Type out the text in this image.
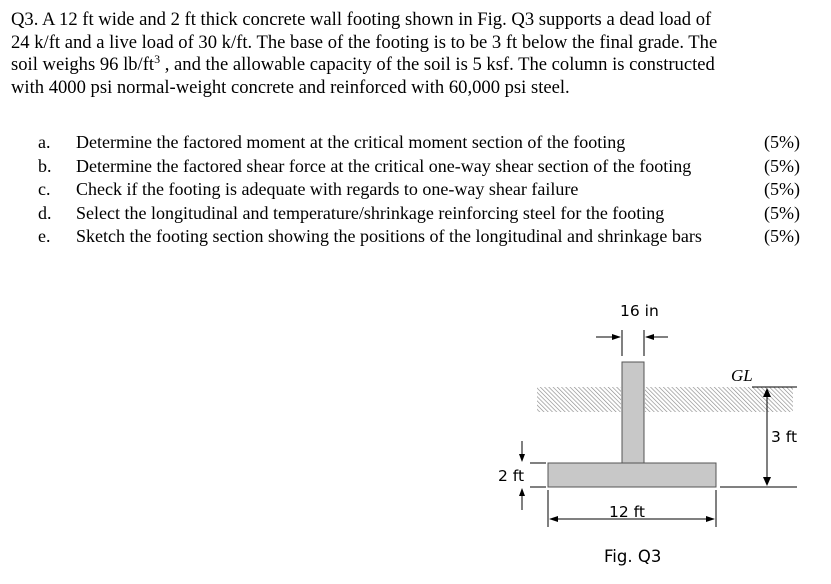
Q3. A 12 ft wide and 2 ft thick concrete wall footing shown in Fig. Q3 supports a dead load of
24 k/ft and a live load of 30 k/ft. The base of the footing is to be 3 ft below the final grade. The
soil weighs 96 $lb/ft^3$ , and the allowable capacity of the soil is 5 ksf. The column is constructed
with 4000 psi normal-weight concrete and reinforced with 60,000 psi steel.
a.	Determine the factored moment at the critical moment section of the footing	(5%)
b.	Determine the factored shear force at the critical one-way shear section of the footing	(5%)
c.	Check if the footing is adequate with regards to one-way shear failure	(5%)
d.	Select the longitudinal and temperature/shrinkage reinforcing steel for the footing	(5%)
e.	Sketch the footing section showing the positions of the longitudinal and shrinkage bars	(5%)
16 in
GL
3 ft
2 ft
12 ft
Fig. Q3
